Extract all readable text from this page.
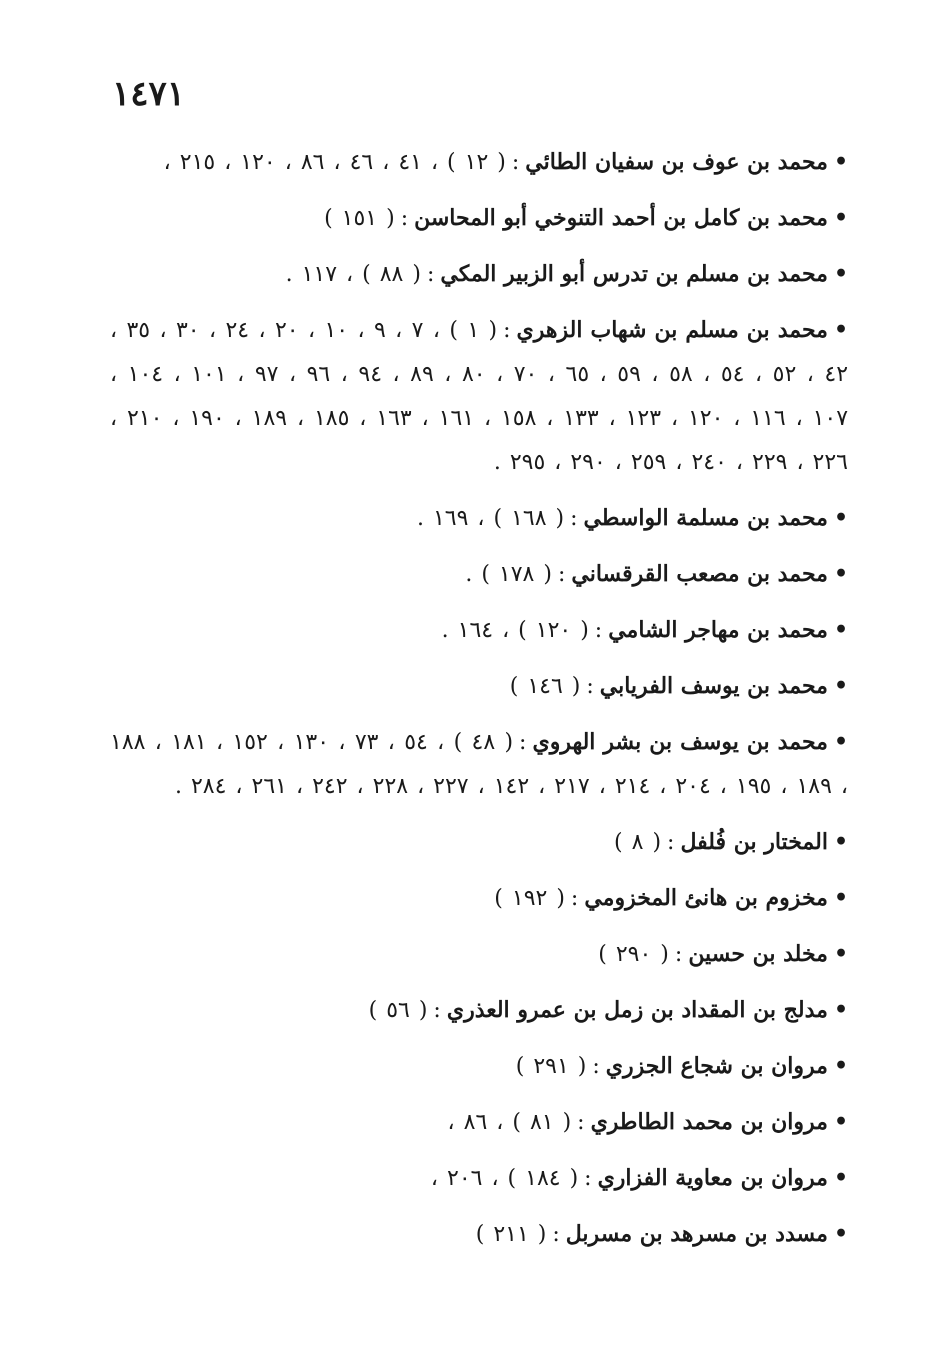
١٤٧١

•محمد بن عوف بن سفيان الطائي:( ١٢ ) ، ٤١ ، ٤٦ ، ٨٦ ، ١٢٠ ، ٢١٥ ،

•محمد بن كامل بن أحمد التنوخي أبو المحاسن:( ١٥١ )

•محمد بن مسلم بن تدرس أبو الزبير المكي:( ٨٨ ) ، ١١٧ .

•محمد بن مسلم بن شهاب الزهري:( ١ ) ، ٧ ، ٩ ، ١٠ ، ٢٠ ، ٢٤ ، ٣٠ ، ٣٥ ، ٤٢ ، ٥٢ ، ٥٤ ، ٥٨ ، ٥٩ ، ٦٥ ، ٧٠ ، ٨٠ ، ٨٩ ، ٩٤ ، ٩٦ ، ٩٧ ، ١٠١ ، ١٠٤ ، ١٠٧ ، ١١٦ ، ١٢٠ ، ١٢٣ ، ١٣٣ ، ١٥٨ ، ١٦١ ، ١٦٣ ، ١٨٥ ، ١٨٩ ، ١٩٠ ، ٢١٠ ، ٢٢٦ ، ٢٢٩ ، ٢٤٠ ، ٢٥٩ ، ٢٩٠ ، ٢٩٥ .

•محمد بن مسلمة الواسطي:( ١٦٨ ) ، ١٦٩ .

•محمد بن مصعب القرقساني:( ١٧٨ ) .

•محمد بن مهاجر الشامي:( ١٢٠ ) ، ١٦٤ .

•محمد بن يوسف الفريابي:( ١٤٦ )

•محمد بن يوسف بن بشر الهروي:( ٤٨ ) ، ٥٤ ، ٧٣ ، ١٣٠ ، ١٥٢ ، ١٨١ ، ١٨٨ ، ١٨٩ ، ١٩٥ ، ٢٠٤ ، ٢١٤ ، ٢١٧ ، ١٤٢ ، ٢٢٧ ، ٢٢٨ ، ٢٤٢ ، ٢٦١ ، ٢٨٤ .

•المختار بن فُلفل:( ٨ )

•مخزوم بن هانئ المخزومي:( ١٩٢ )

•مخلد بن حسين:( ٢٩٠ )

•مدلج بن المقداد بن زمل بن عمرو العذري:( ٥٦ )

•مروان بن شجاع الجزري:( ٢٩١ )

•مروان بن محمد الطاطري:( ٨١ ) ، ٨٦ ،

•مروان بن معاوية الفزاري:( ١٨٤ ) ، ٢٠٦ ،

•مسدد بن مسرهد بن مسربل:( ٢١١ )
